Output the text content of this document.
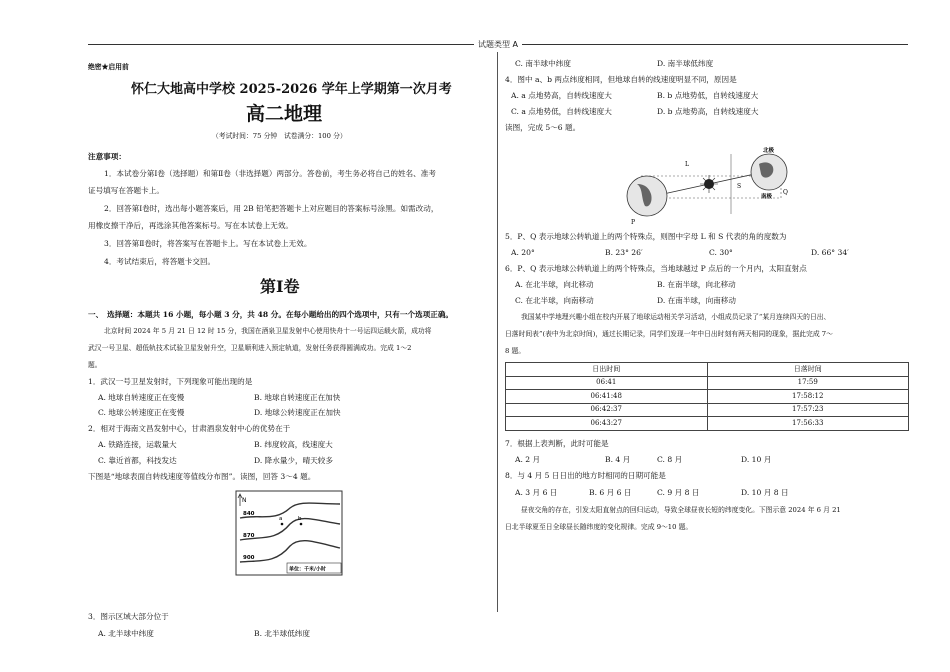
试题类型 A
绝密★启用前
怀仁大地高中学校 2025-2026 学年上学期第一次月考
高二地理
（考试时间：75 分钟　试卷满分：100 分）
注意事项：
1．本试卷分第Ⅰ卷（选择题）和第Ⅱ卷（非选择题）两部分。答卷前，考生务必将自己的姓名、准考
证号填写在答题卡上。
2．回答第Ⅰ卷时，选出每小题答案后，用 2B 铅笔把答题卡上对应题目的答案标号涂黑。如需改动，
用橡皮擦干净后，再选涂其他答案标号。写在本试卷上无效。
3．回答第Ⅱ卷时，将答案写在答题卡上。写在本试卷上无效。
4．考试结束后，将答题卡交回。
第Ⅰ卷
一、　选择题：本题共 16 小题，每小题 3 分，共 48 分。在每小题给出的四个选项中，只有一个选项正确。
北京时间 2024 年 5 月 21 日 12 时 15 分，我国在酒泉卫星发射中心使用快舟十一号运四运载火箭，成功将
武汉一号卫星、超低轨技术试验卫星发射升空，卫星顺利进入预定轨道，发射任务获得圆满成功。完成 1～2
题。
1．武汉一号卫星发射时，下列现象可能出现的是
A. 地球自转速度正在变慢	B. 地球自转速度正在加快
C. 地球公转速度正在变慢	D. 地球公转速度正在加快
2．相对于海南文昌发射中心，甘肃酒泉发射中心的优势在于
A. 铁路连接，运载量大	B. 纬度较高，线速度大
C. 靠近首都，科技发达	D. 降水量少，晴天较多
下图是“地球表面自转线速度等值线分布图”。读图，回答 3～4 题。
N
840
870
900
a	b
单位：千米/小时
3．图示区域大部分位于
A. 北半球中纬度	B. 北半球低纬度
C. 南半球中纬度	D. 南半球低纬度
4．图中 a、b 两点纬度相同，但地球自转的线速度明显不同，原因是
A. a 点地势高，自转线速度大	B. b 点地势低，自转线速度大
C. a 点地势低，自转线速度大	D. b 点地势高，自转线速度大
读图，完成 5～6 题。
北极
南极
L
S
P
Q
5．P、Q 表示地球公转轨道上的两个特殊点，则图中字母 L 和 S 代表的角的度数为
A. 20°	B. 23° 26′	C. 30°	D. 66° 34′
6．P、Q 表示地球公转轨道上的两个特殊点，当地球越过 P 点后的一个月内，太阳直射点
A. 在北半球，向北移动	B. 在南半球，向北移动
C. 在北半球，向南移动	D. 在南半球，向南移动
我国某中学地理兴趣小组在校内开展了地球运动相关学习活动，小组成员记录了“某月连续四天的日出、
日落时间表”(表中为北京时间)，通过长期记录，同学们发现一年中日出时刻有两天相同的现象，据此完成 7～
8 题。
日出时间	日落时间
06:41	17:59
06:41:48	17:58:12
06:42:37	17:57:23
06:43:27	17:56:33
7．根据上表判断，此时可能是
A. 2 月	B. 4 月	C. 8 月	D. 10 月
8．与 4 月 5 日日出的地方时相同的日期可能是
A. 3 月 6 日	B. 6 月 6 日	C. 9 月 8 日	D. 10 月 8 日
昼夜交角的存在，引发太阳直射点的回归运动，导致全球昼夜长短的纬度变化。下图示意 2024 年 6 月 21
日北半球夏至日全球昼长随纬度的变化规律。完成 9～10 题。
